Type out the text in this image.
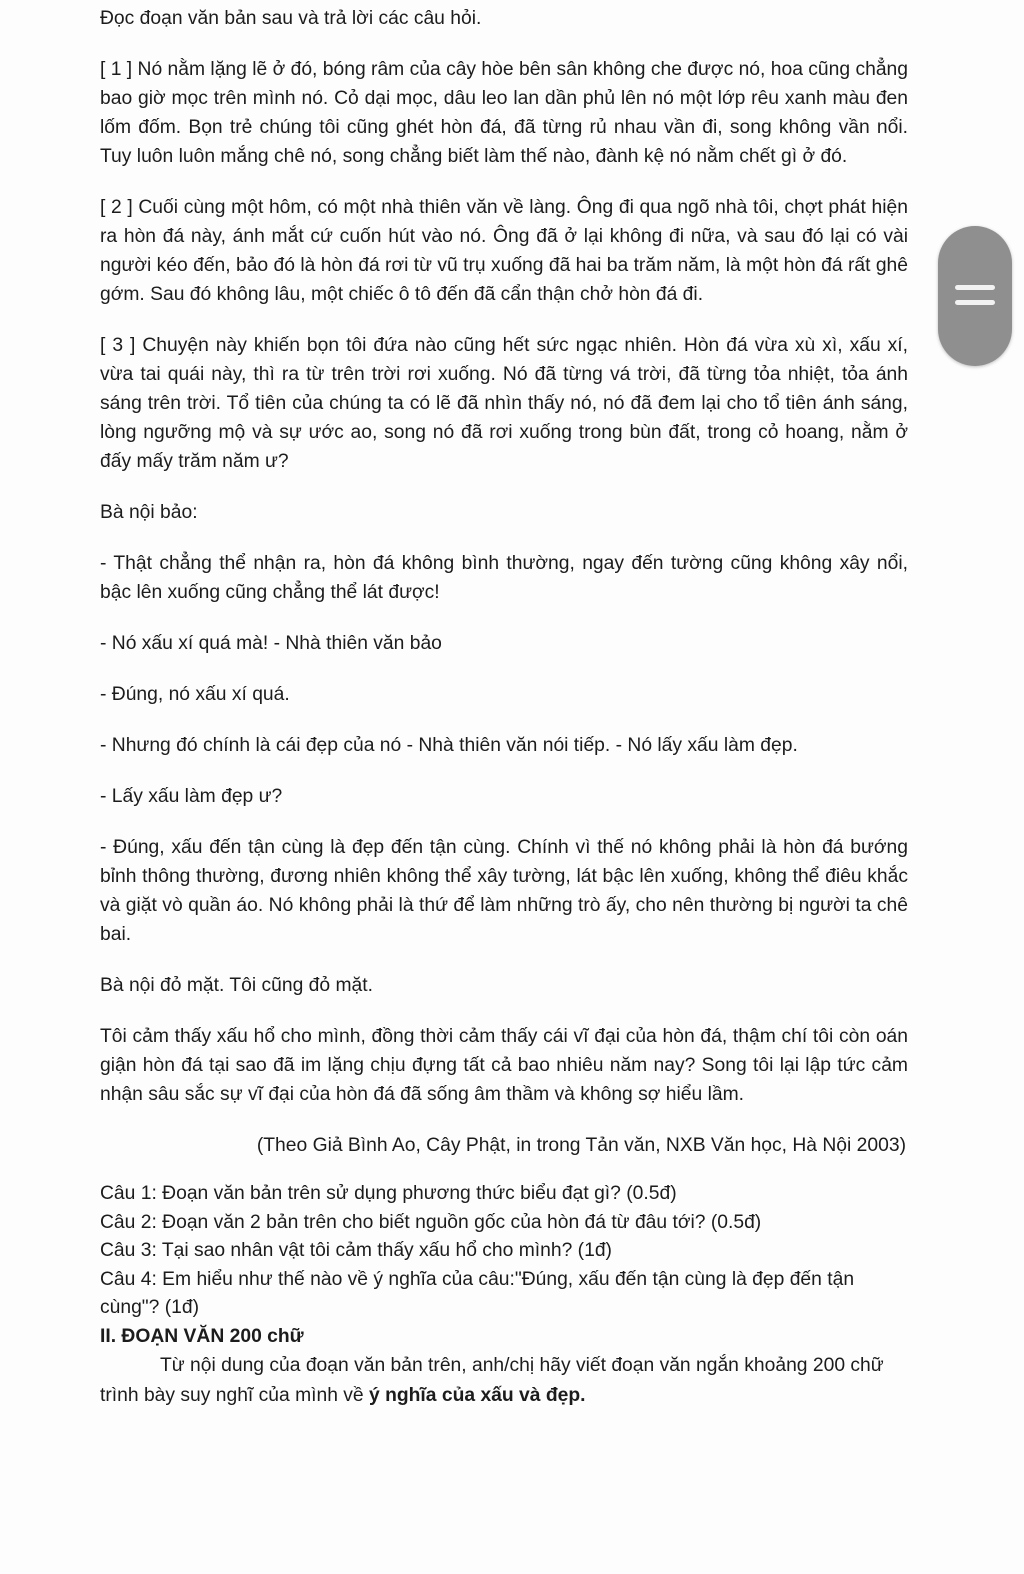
Đọc đoạn văn bản sau và trả lời các câu hỏi.

[ 1 ] Nó nằm lặng lẽ ở đó, bóng râm của cây hòe bên sân không che được nó, hoa cũng chẳng bao giờ mọc trên mình nó. Cỏ dại mọc, dâu leo lan dần phủ lên nó một lớp rêu xanh màu đen lốm đốm. Bọn trẻ chúng tôi cũng ghét hòn đá, đã từng rủ nhau vần đi, song không vần nổi. Tuy luôn luôn mắng chê nó, song chẳng biết làm thế nào, đành kệ nó nằm chết gì ở đó.

[ 2 ] Cuối cùng một hôm, có một nhà thiên văn về làng. Ông đi qua ngõ nhà tôi, chợt phát hiện ra hòn đá này, ánh mắt cứ cuốn hút vào nó. Ông đã ở lại không đi nữa, và sau đó lại có vài người kéo đến, bảo đó là hòn đá rơi từ vũ trụ xuống đã hai ba trăm năm, là một hòn đá rất ghê gớm. Sau đó không lâu, một chiếc ô tô đến đã cẩn thận chở hòn đá đi.

[ 3 ] Chuyện này khiến bọn tôi đứa nào cũng hết sức ngạc nhiên. Hòn đá vừa xù xì, xấu xí, vừa tai quái này, thì ra từ trên trời rơi xuống. Nó đã từng vá trời, đã từng tỏa nhiệt, tỏa ánh sáng trên trời. Tổ tiên của chúng ta có lẽ đã nhìn thấy nó, nó đã đem lại cho tổ tiên ánh sáng, lòng ngưỡng mộ và sự ước ao, song nó đã rơi xuống trong bùn đất, trong cỏ hoang, nằm ở đấy mấy trăm năm ư?

Bà nội bảo:

- Thật chẳng thể nhận ra, hòn đá không bình thường, ngay đến tường cũng không xây nổi, bậc lên xuống cũng chẳng thể lát được!

- Nó xấu xí quá mà! - Nhà thiên văn bảo

- Đúng, nó xấu xí quá.

- Nhưng đó chính là cái đẹp của nó - Nhà thiên văn nói tiếp. - Nó lấy xấu làm đẹp.

- Lấy xấu làm đẹp ư?

- Đúng, xấu đến tận cùng là đẹp đến tận cùng. Chính vì thế nó không phải là hòn đá bướng bỉnh thông thường, đương nhiên không thể xây tường, lát bậc lên xuống, không thể điêu khắc và giặt vò quần áo. Nó không phải là thứ để làm những trò ấy, cho nên thường bị người ta chê bai.

Bà nội đỏ mặt. Tôi cũng đỏ mặt.

Tôi cảm thấy xấu hổ cho mình, đồng thời cảm thấy cái vĩ đại của hòn đá, thậm chí tôi còn oán giận hòn đá tại sao đã im lặng chịu đựng tất cả bao nhiêu năm nay? Song tôi lại lập tức cảm nhận sâu sắc sự vĩ đại của hòn đá đã sống âm thầm và không sợ hiểu lầm.

(Theo Giả Bình Ao, Cây Phật, in trong Tản văn, NXB Văn học, Hà Nội 2003)

Câu 1: Đoạn văn bản trên sử dụng phương thức biểu đạt gì? (0.5đ)

Câu 2: Đoạn văn 2 bản trên cho biết nguồn gốc của hòn đá từ đâu tới? (0.5đ)

Câu 3: Tại sao nhân vật tôi cảm thấy xấu hổ cho mình? (1đ)

Câu 4: Em hiểu như thế nào về ý nghĩa của câu:"Đúng, xấu đến tận cùng là đẹp đến tận cùng"? (1đ)

II. ĐOẠN VĂN 200 chữ

Từ nội dung của đoạn văn bản trên, anh/chị hãy viết đoạn văn ngắn khoảng 200 chữ trình bày suy nghĩ của mình về ý nghĩa của xấu và đẹp.
